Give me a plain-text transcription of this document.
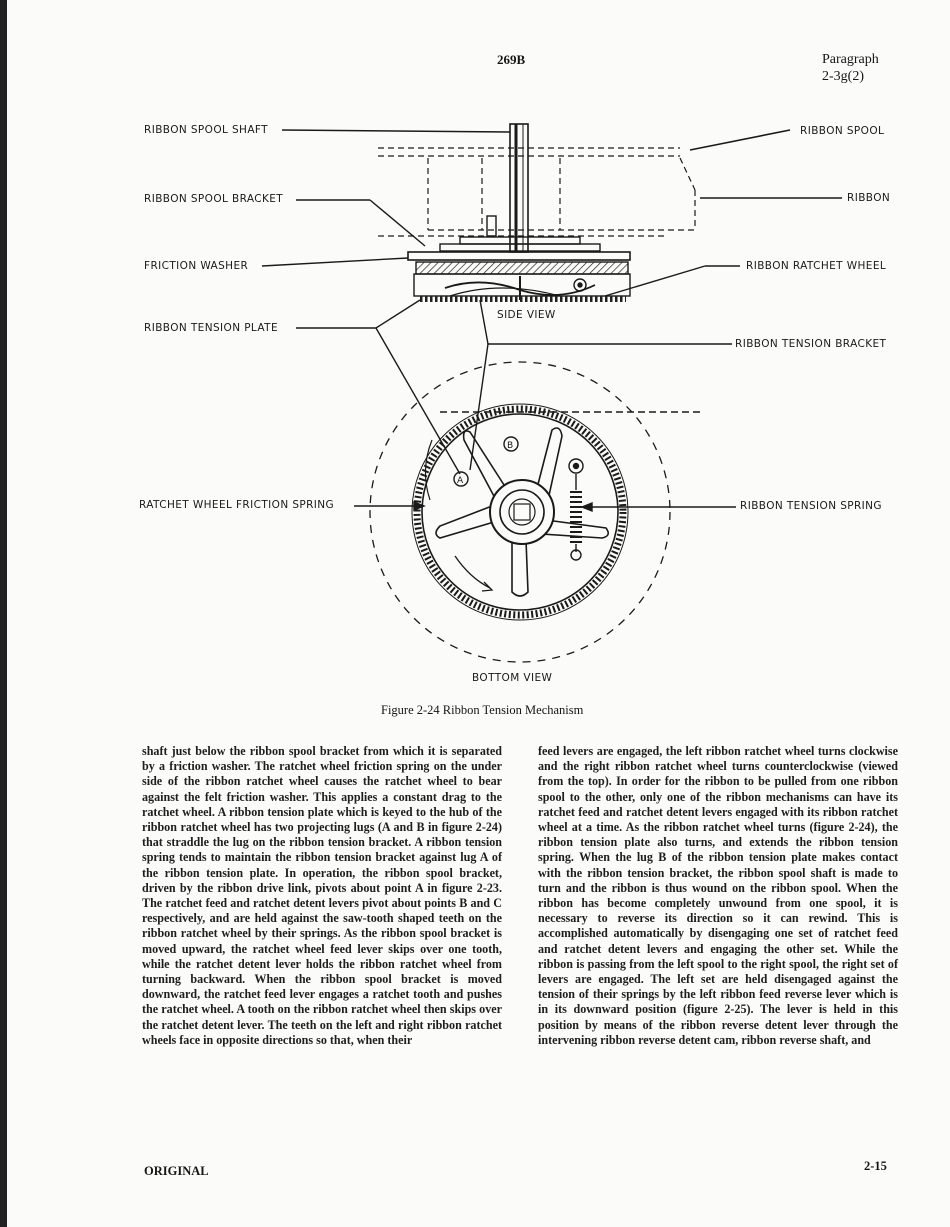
269B	Paragraph
2-3g(2)
A
B
RIBBON SPOOL SHAFT	RIBBON SPOOL
RIBBON SPOOL BRACKET	RIBBON
FRICTION WASHER	RIBBON RATCHET WHEEL
SIDE VIEW
RIBBON TENSION PLATE
RIBBON TENSION BRACKET
RATCHET WHEEL FRICTION SPRING	RIBBON TENSION SPRING
BOTTOM VIEW
Figure 2-24 Ribbon Tension Mechanism
shaft just below the ribbon spool bracket from which it is separated by a friction washer. The ratchet wheel friction spring on the under side of the ribbon ratchet wheel causes the ratchet wheel to bear against the felt friction washer. This applies a constant drag to the ratchet wheel. A ribbon tension plate which is keyed to the hub of the ribbon ratchet wheel has two projecting lugs (A and B in figure 2-24) that straddle the lug on the ribbon tension bracket. A ribbon tension spring tends to maintain the ribbon tension bracket against lug A of the ribbon tension plate. In operation, the ribbon spool bracket, driven by the ribbon drive link, pivots about point A in figure 2-23. The ratchet feed and ratchet detent levers pivot about points B and C respectively, and are held against the saw-tooth shaped teeth on the ribbon ratchet wheel by their springs. As the ribbon spool bracket is moved upward, the ratchet wheel feed lever skips over one tooth, while the ratchet detent lever holds the ribbon ratchet wheel from turning backward. When the ribbon spool bracket is moved downward, the ratchet feed lever engages a ratchet tooth and pushes the ratchet wheel. A tooth on the ribbon ratchet wheel then skips over the ratchet detent lever. The teeth on the left and right ribbon ratchet wheels face in opposite directions so that, when their
feed levers are engaged, the left ribbon ratchet wheel turns clockwise and the right ribbon ratchet wheel turns counterclockwise (viewed from the top). In order for the ribbon to be pulled from one ribbon spool to the other, only one of the ribbon mechanisms can have its ratchet feed and ratchet detent levers engaged with its ribbon ratchet wheel at a time. As the ribbon ratchet wheel turns (figure 2-24), the ribbon tension plate also turns, and extends the ribbon tension spring. When the lug B of the ribbon tension plate makes contact with the ribbon tension bracket, the ribbon spool shaft is made to turn and the ribbon is thus wound on the ribbon spool. When the ribbon has become completely unwound from one spool, it is necessary to reverse its direction so it can rewind. This is accomplished automatically by disengaging one set of ratchet feed and ratchet detent levers and engaging the other set. While the ribbon is passing from the left spool to the right spool, the right set of levers are engaged. The left set are held disengaged against the tension of their springs by the left ribbon feed reverse lever which is in its downward position (figure 2-25). The lever is held in this position by means of the ribbon reverse detent lever through the intervening ribbon reverse detent cam, ribbon reverse shaft, and
ORIGINAL	2-15
